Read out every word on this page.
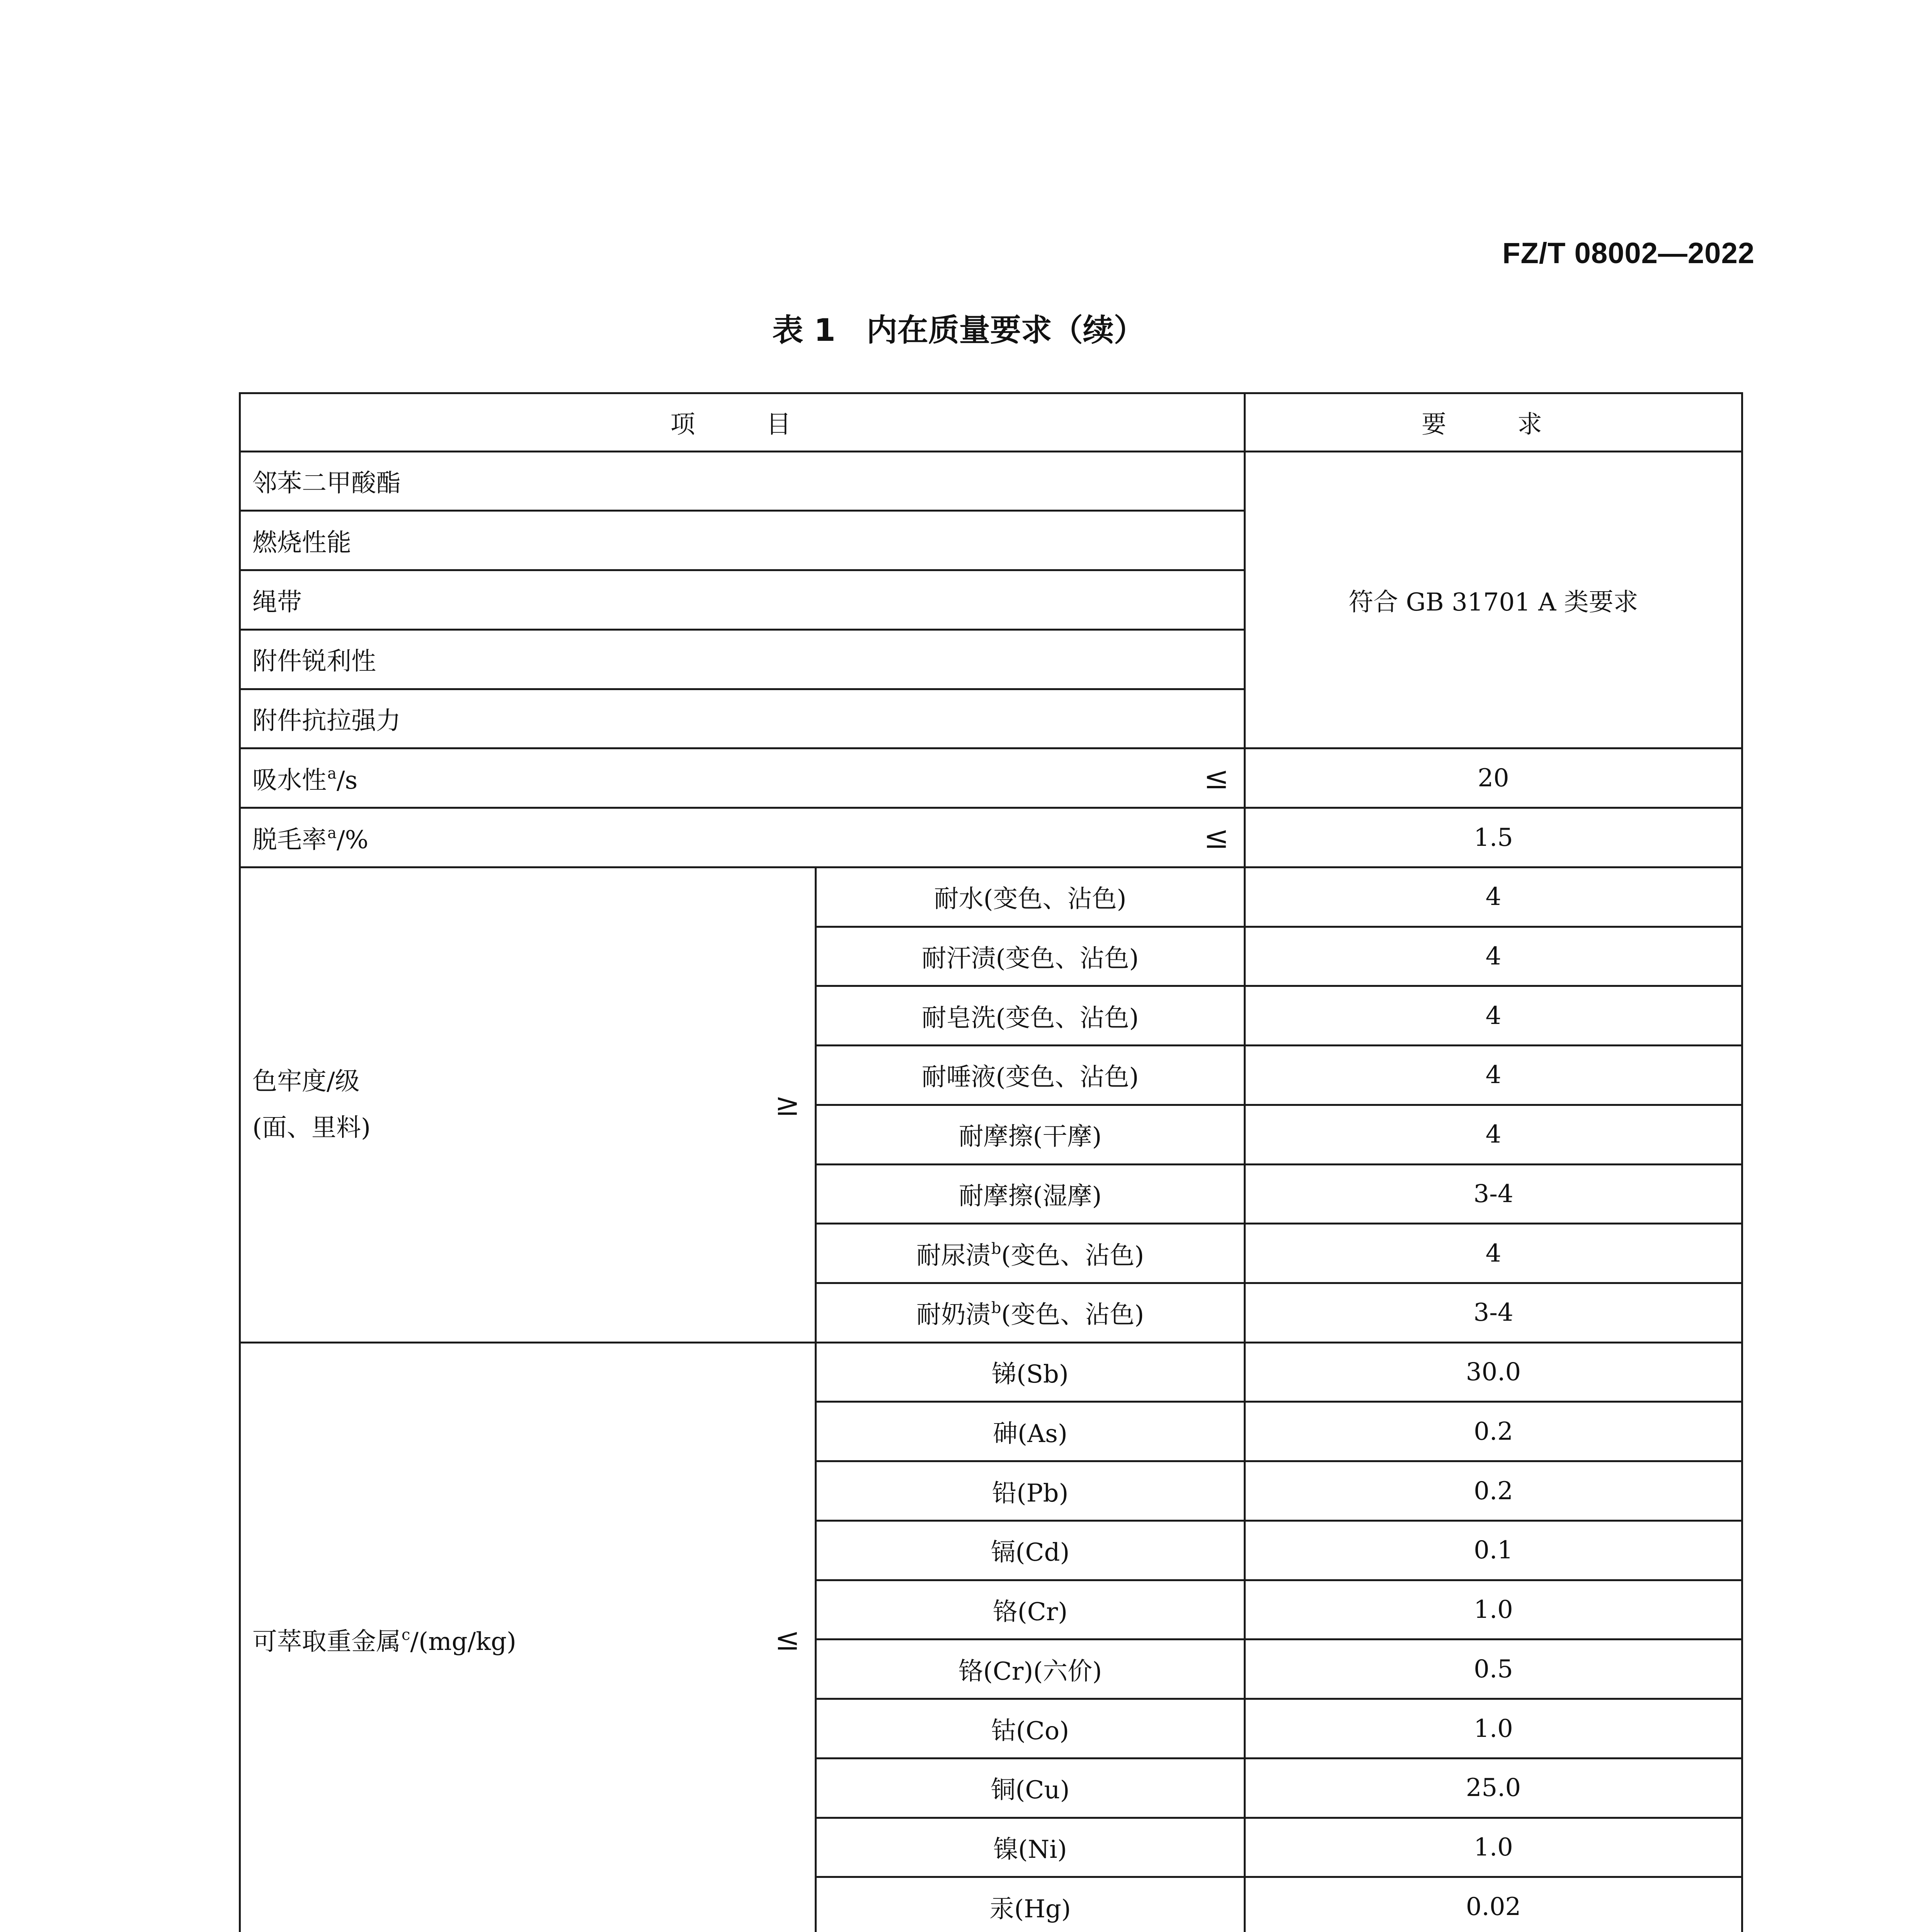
FZ/T 08002—2022
表 1　内在质量要求（续）
项　目		要　求
邻苯二甲酸酯		符合 GB 31701 A 类要求
燃烧性能		
绳带		
附件锐利性		
附件抗拉强力		

吸水性$^a$/s ≤		20

脱毛率$^a$/% ≤		1.5

色牢度/级
(面、里料)
≥	耐水(变色、沾色)	4
	耐汗渍(变色、沾色)	4
	耐皂洗(变色、沾色)	4
	耐唾液(变色、沾色)	4
	耐摩擦(干摩)	4
	耐摩擦(湿摩)	3-4
	耐尿渍$^b$(变色、沾色)	4
	耐奶渍$^b$(变色、沾色)	3-4

可萃取重金属$^c$/(mg/kg) ≤	锑(Sb)	30.0
	砷(As)	0.2
	铅(Pb)	0.2
	镉(Cd)	0.1
	铬(Cr)	1.0
	铬(Cr)(六价)	0.5
	钴(Co)	1.0
	铜(Cu)	25.0
	镍(Ni)	1.0
	汞(Hg)	0.02
